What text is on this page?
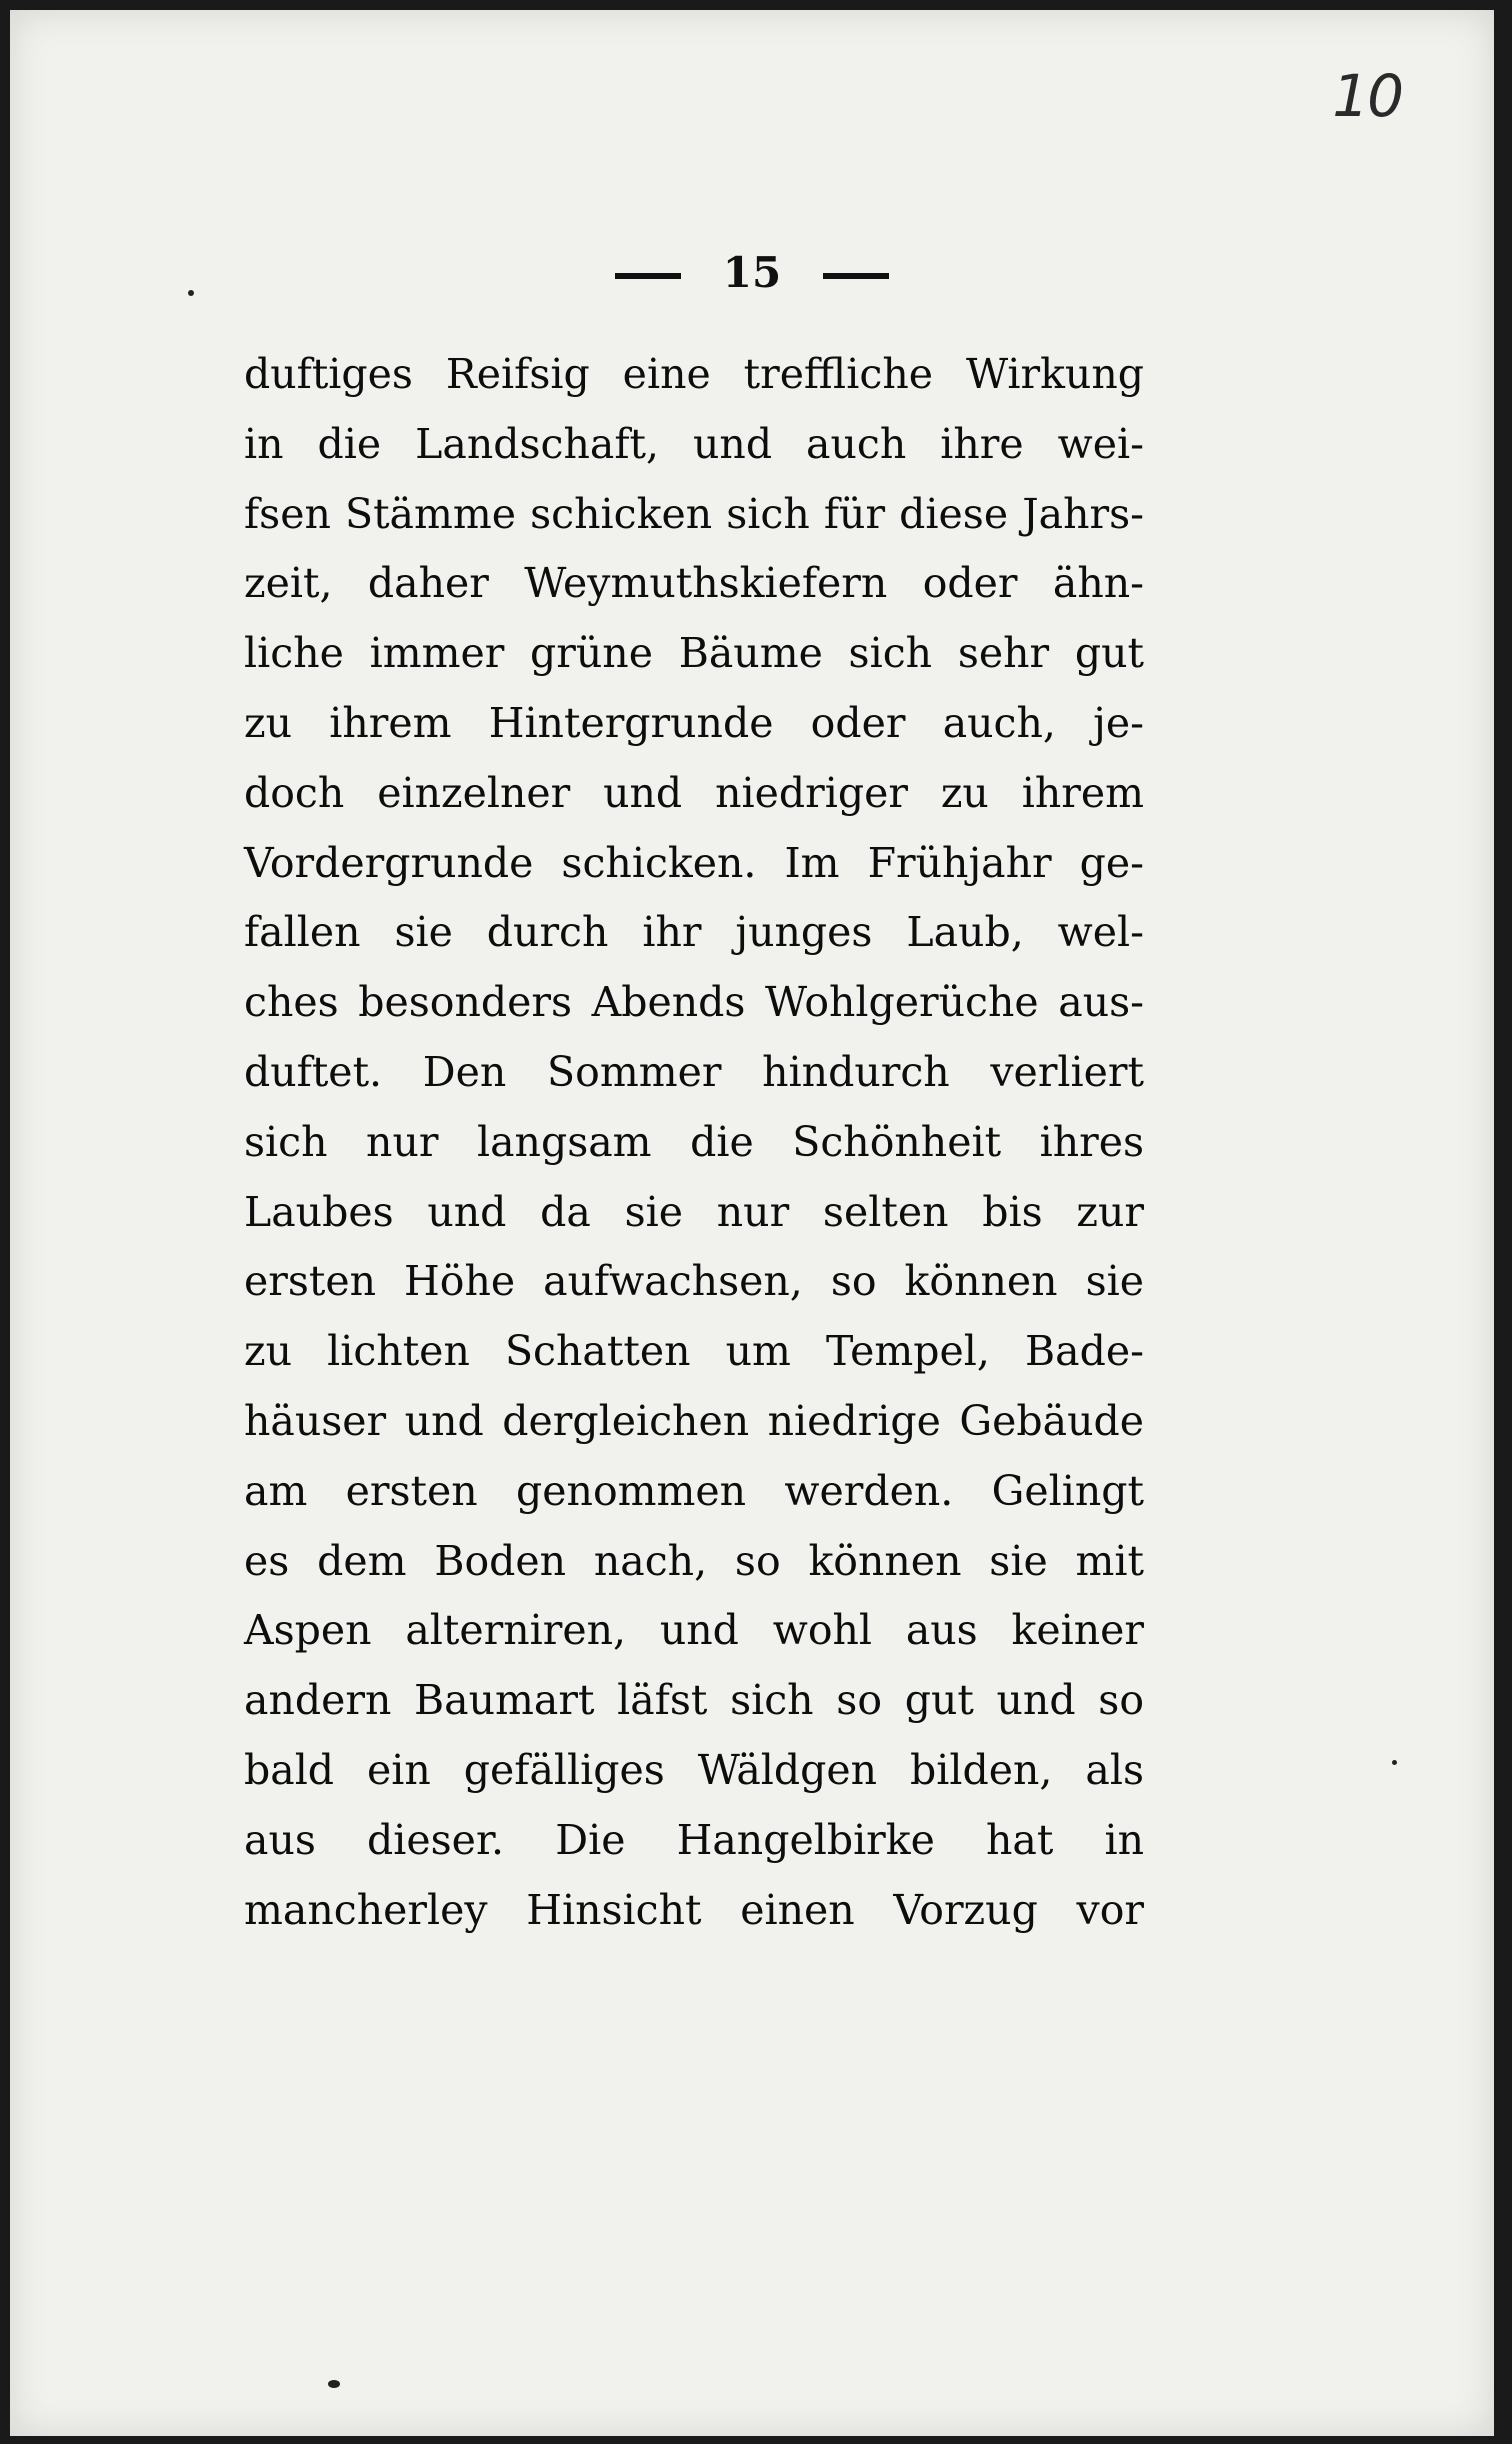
10
15
duftiges Reifsig eine treffliche Wirkung
in die Landschaft, und auch ihre wei-
fsen Stämme schicken sich für diese Jahrs-
zeit, daher Weymuthskiefern oder ähn-
liche immer grüne Bäume sich sehr gut
zu ihrem Hintergrunde oder auch, je-
doch einzelner und niedriger zu ihrem
Vordergrunde schicken. Im Frühjahr ge-
fallen sie durch ihr junges Laub, wel-
ches besonders Abends Wohlgerüche aus-
duftet. Den Sommer hindurch verliert
sich nur langsam die Schönheit ihres
Laubes und da sie nur selten bis zur
ersten Höhe aufwachsen, so können sie
zu lichten Schatten um Tempel, Bade-
häuser und dergleichen niedrige Gebäude
am ersten genommen werden. Gelingt
es dem Boden nach, so können sie mit
Aspen alterniren, und wohl aus keiner
andern Baumart läfst sich so gut und so
bald ein gefälliges Wäldgen bilden, als
aus dieser. Die Hangelbirke hat in
mancherley Hinsicht einen Vorzug vor
